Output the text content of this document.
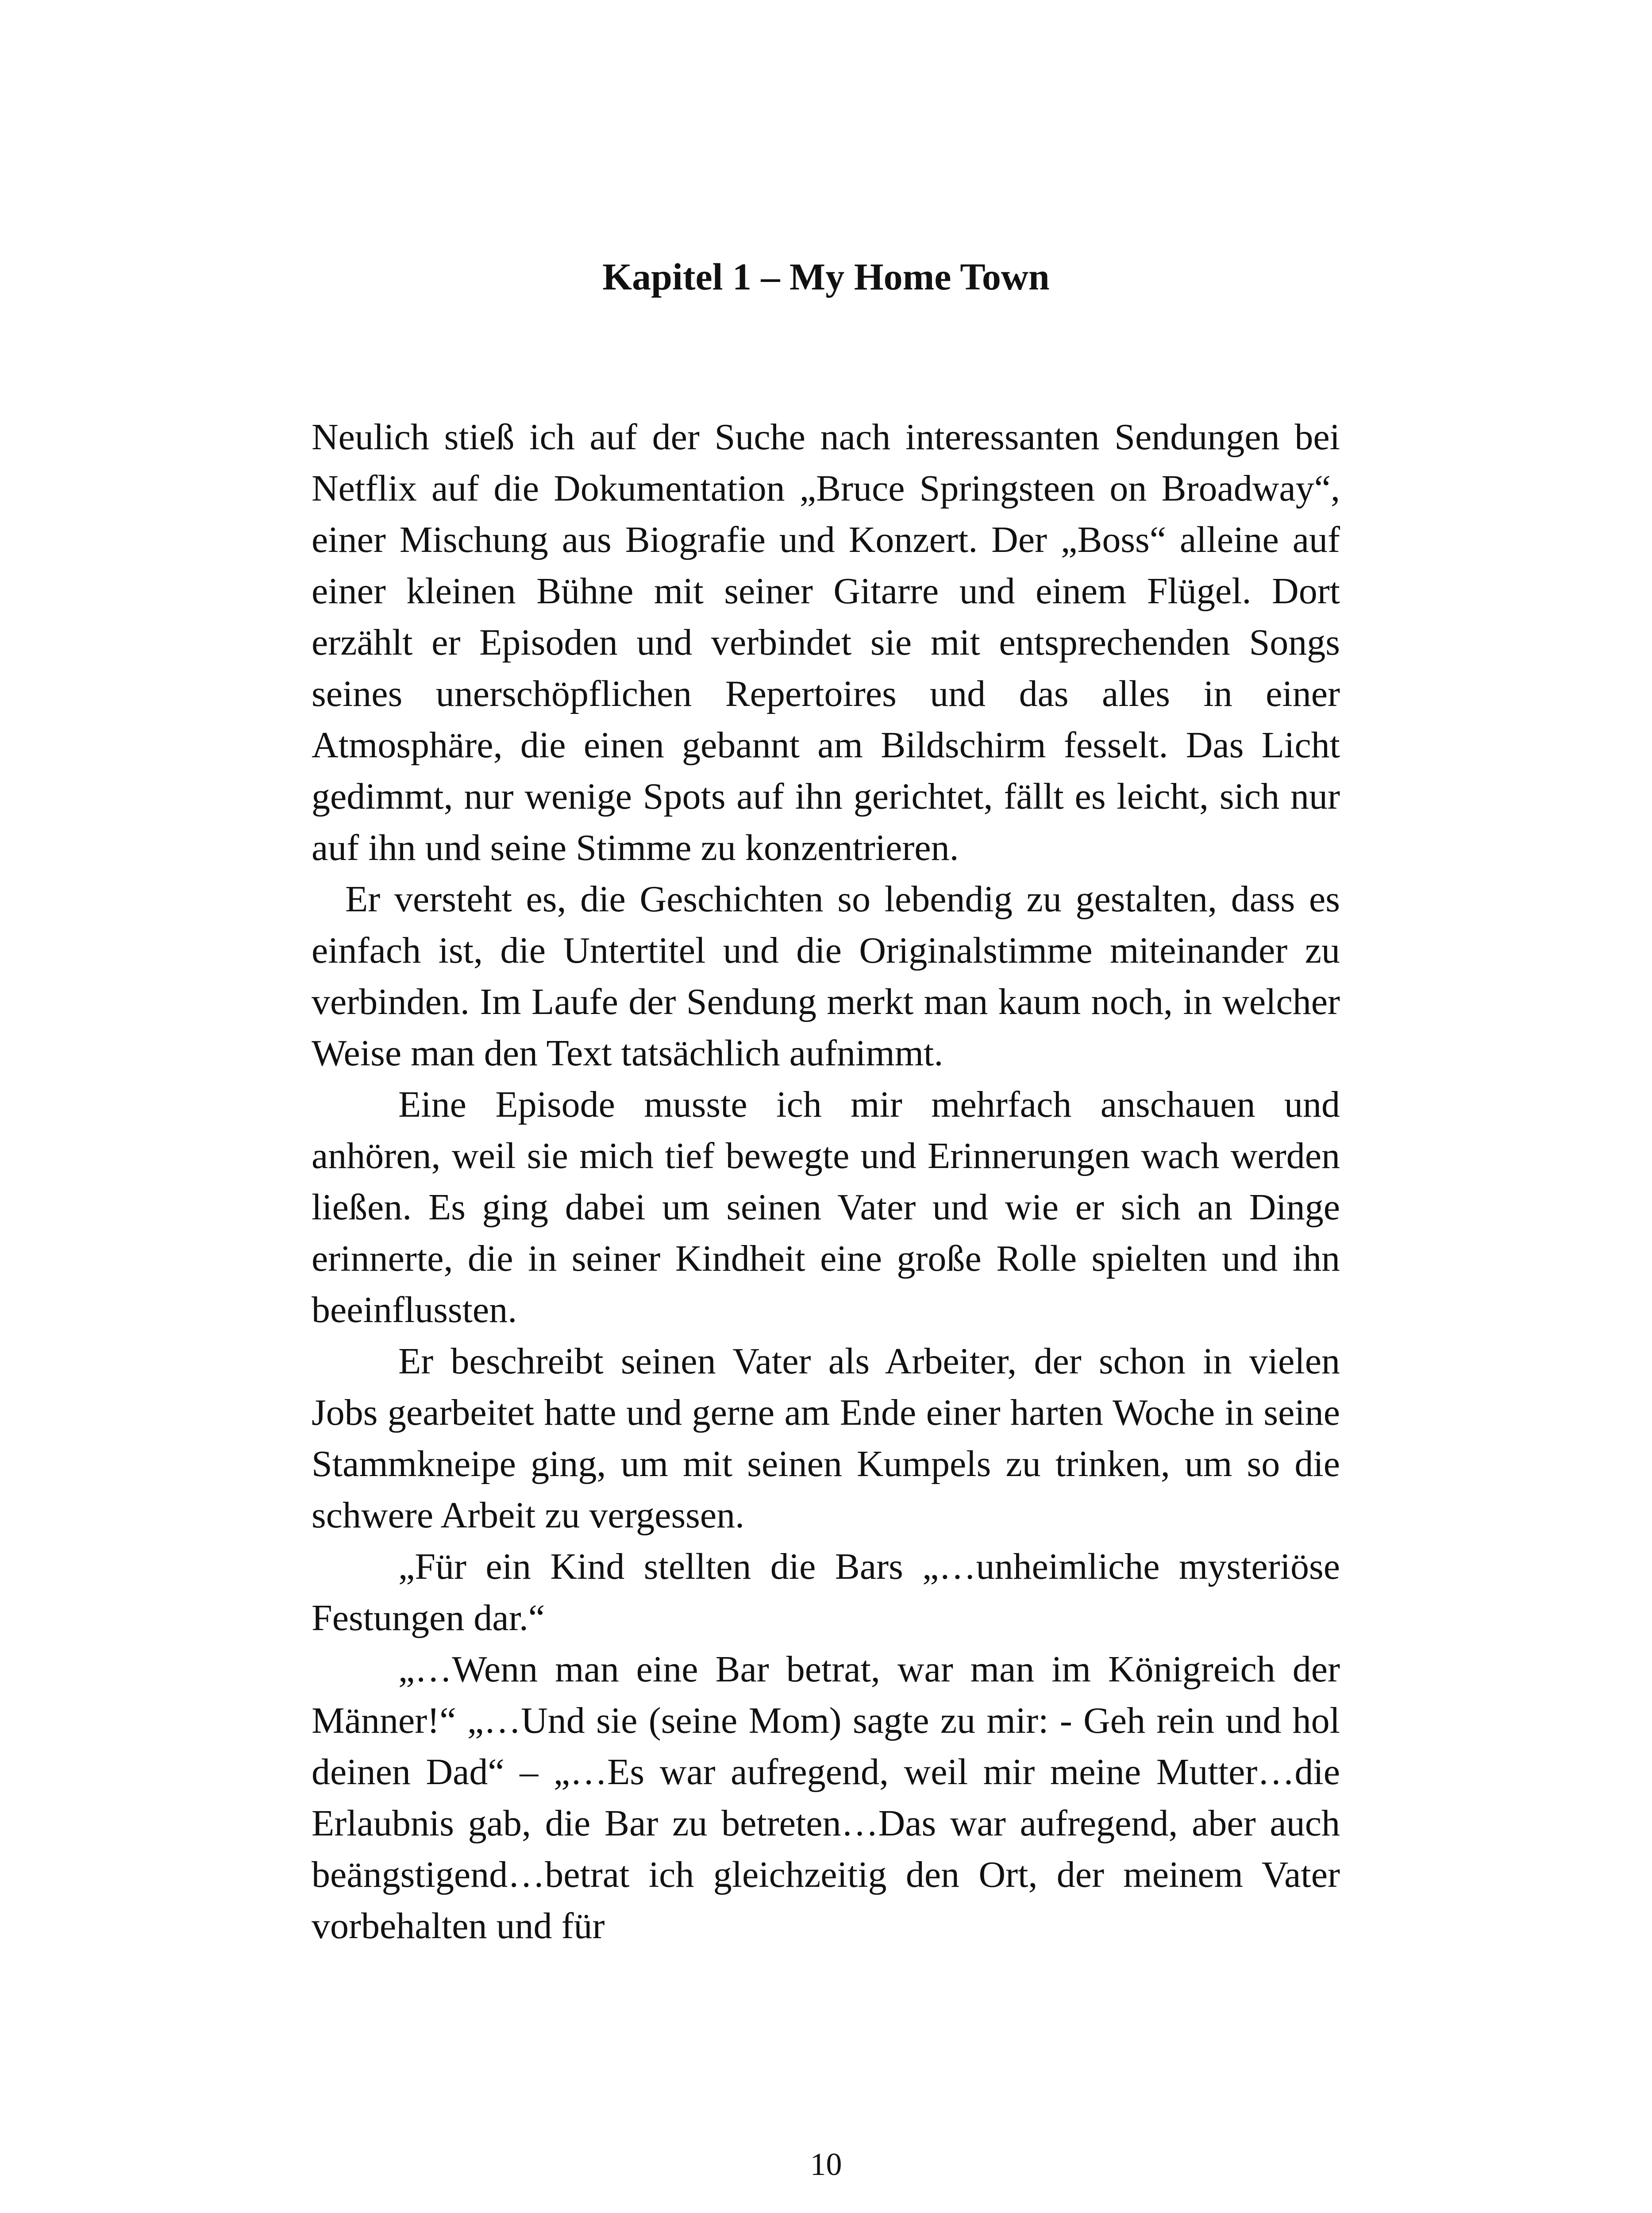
Kapitel 1 – My Home Town

Neulich stieß ich auf der Suche nach interessanten Sendungen bei Netflix auf die Dokumentation „Bruce Springsteen on Broadway“, einer Mischung aus Biografie und Konzert. Der „Boss“ alleine auf einer kleinen Bühne mit seiner Gitarre und einem Flügel. Dort erzählt er Episoden und verbindet sie mit entsprechenden Songs seines unerschöpflichen Repertoires und das alles in einer Atmosphäre, die einen gebannt am Bildschirm fesselt. Das Licht gedimmt, nur wenige Spots auf ihn gerichtet, fällt es leicht, sich nur auf ihn und seine Stimme zu konzentrieren.

Er versteht es, die Geschichten so lebendig zu gestalten, dass es einfach ist, die Untertitel und die Originalstimme miteinander zu verbinden. Im Laufe der Sendung merkt man kaum noch, in welcher Weise man den Text tatsächlich aufnimmt.

Eine Episode musste ich mir mehrfach anschauen und anhören, weil sie mich tief bewegte und Erinnerungen wach werden ließen. Es ging dabei um seinen Vater und wie er sich an Dinge erinnerte, die in seiner Kindheit eine große Rolle spielten und ihn beeinflussten.

Er beschreibt seinen Vater als Arbeiter, der schon in vielen Jobs gearbeitet hatte und gerne am Ende einer harten Woche in seine Stammkneipe ging, um mit seinen Kumpels zu trinken, um so die schwere Arbeit zu vergessen.

„Für ein Kind stellten die Bars „…unheimliche mysteriöse Festungen dar.“

„…Wenn man eine Bar betrat, war man im Königreich der Männer!“ „…Und sie (seine Mom) sagte zu mir: - Geh rein und hol deinen Dad“ – „…Es war aufregend, weil mir meine Mutter…die Erlaubnis gab, die Bar zu betreten…Das war aufregend, aber auch beängstigend…betrat ich gleichzeitig den Ort, der meinem Vater vorbehalten und für

10
